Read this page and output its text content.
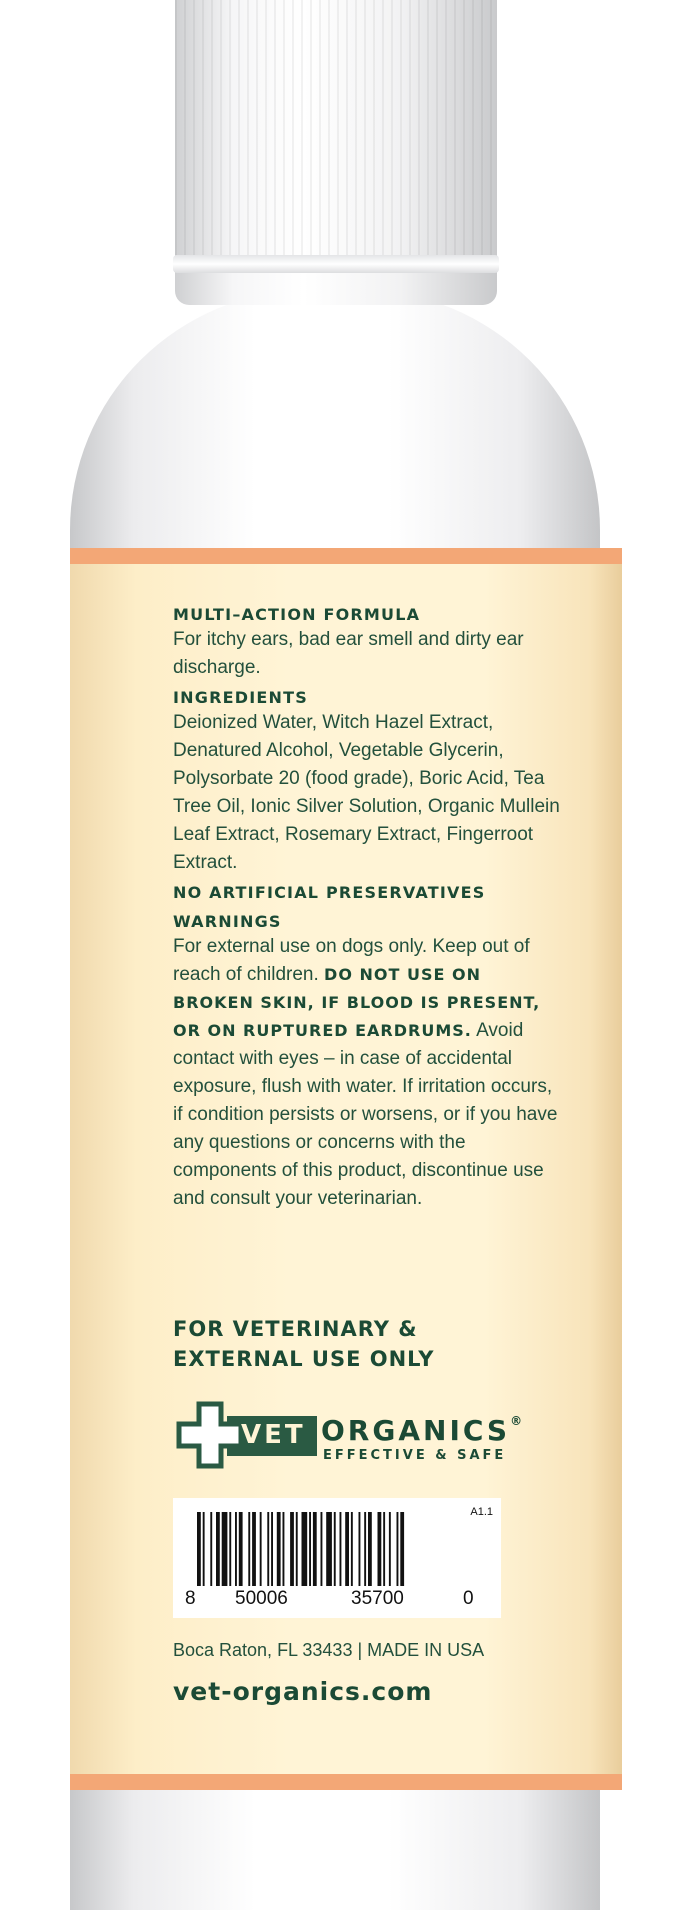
MULTI–ACTION FORMULA
For itchy ears, bad ear smell and dirty ear discharge.
INGREDIENTS
Deionized Water, Witch Hazel Extract, Denatured Alcohol, Vegetable Glycerin, Polysorbate 20 (food grade), Boric Acid, Tea Tree Oil, Ionic Silver Solution, Organic Mullein Leaf Extract, Rosemary Extract, Fingerroot Extract.
NO ARTIFICIAL PRESERVATIVES
WARNINGS
For external use on dogs only. Keep out of reach of children. DO NOT USE ON BROKEN SKIN, IF BLOOD IS PRESENT, OR ON RUPTURED EARDRUMS. Avoid contact with eyes – in case of accidental exposure, flush with water. If irritation occurs, if condition persists or worsens, or if you have any questions or concerns with the components of this product, discontinue use and consult your veterinarian.
FOR VETERINARY &
EXTERNAL USE ONLY
VET ORGANICS®
EFFECTIVE & SAFE
A1.1
8 50006	35700	0
Boca Raton, FL 33433 | MADE IN USA
vet-organics.com
